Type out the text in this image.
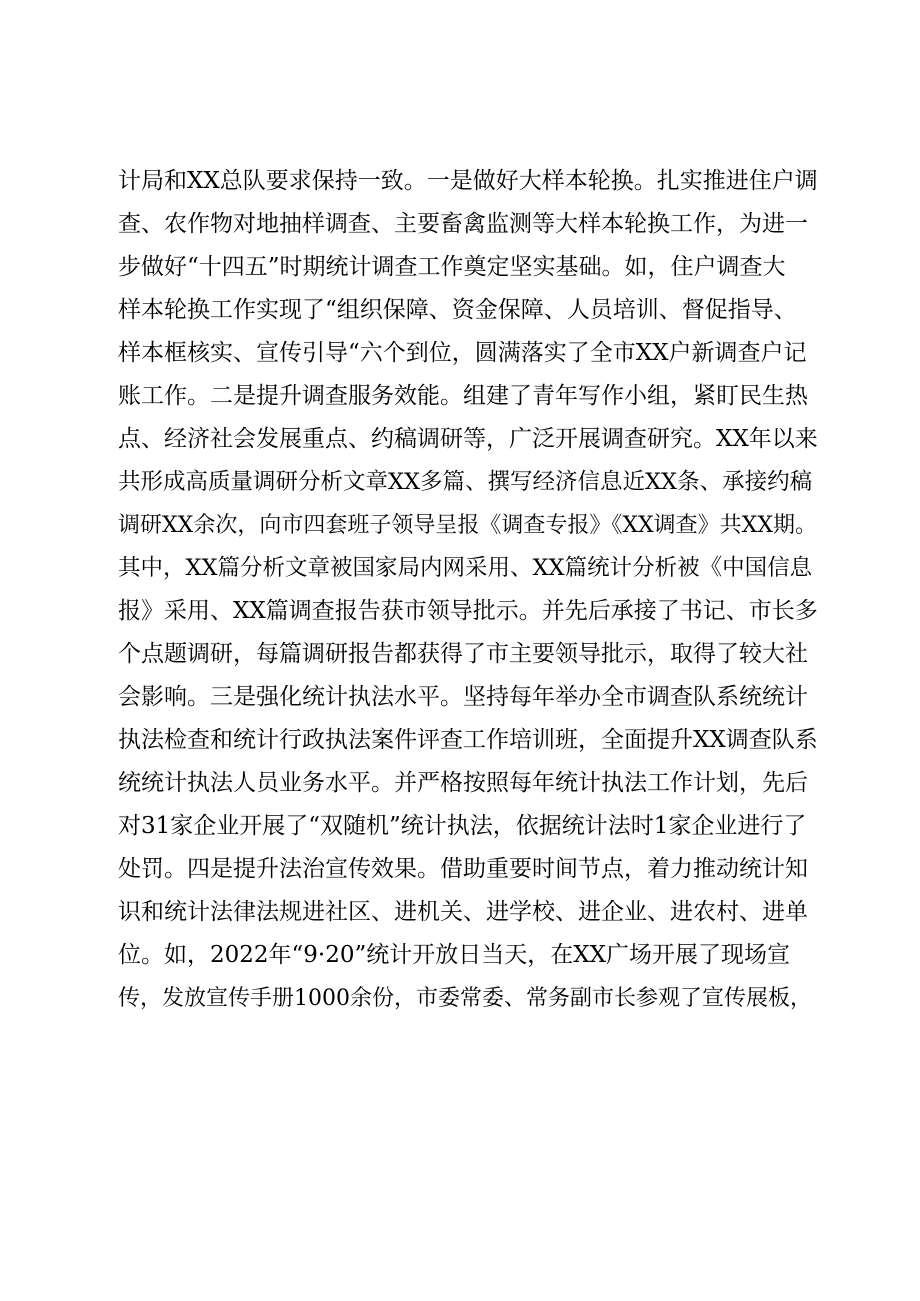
计局和XX总队要求保持一致。一是做好大样本轮换。扎实推进住户调
查、农作物对地抽样调查、主要畜禽监测等大样本轮换工作，为进一
步做好“十四五”时期统计调查工作奠定坚实基础。如，住户调查大
样本轮换工作实现了“组织保障、资金保障、人员培训、督促指导、
样本框核实、宣传引导“六个到位，圆满落实了全市XX户新调查户记
账工作。二是提升调查服务效能。组建了青年写作小组，紧盯民生热
点、经济社会发展重点、约稿调研等，广泛开展调查研究。XX年以来
共形成高质量调研分析文章XX多篇、撰写经济信息近XX条、承接约稿
调研XX余次，向市四套班子领导呈报《调查专报》《XX调查》共XX期。
其中，XX篇分析文章被国家局内网采用、XX篇统计分析被《中国信息
报》采用、XX篇调查报告获市领导批示。并先后承接了书记、市长多
个点题调研，每篇调研报告都获得了市主要领导批示，取得了较大社
会影响。三是强化统计执法水平。坚持每年举办全市调查队系统统计
执法检查和统计行政执法案件评查工作培训班，全面提升XX调查队系
统统计执法人员业务水平。并严格按照每年统计执法工作计划，先后
对31家企业开展了“双随机”统计执法，依据统计法时1家企业进行了
处罚。四是提升法治宣传效果。借助重要时间节点，着力推动统计知
识和统计法律法规进社区、进机关、进学校、进企业、进农村、进单
位。如，2022年“9·20”统计开放日当天，在XX广场开展了现场宣
传，发放宣传手册1000余份，市委常委、常务副市长参观了宣传展板，
